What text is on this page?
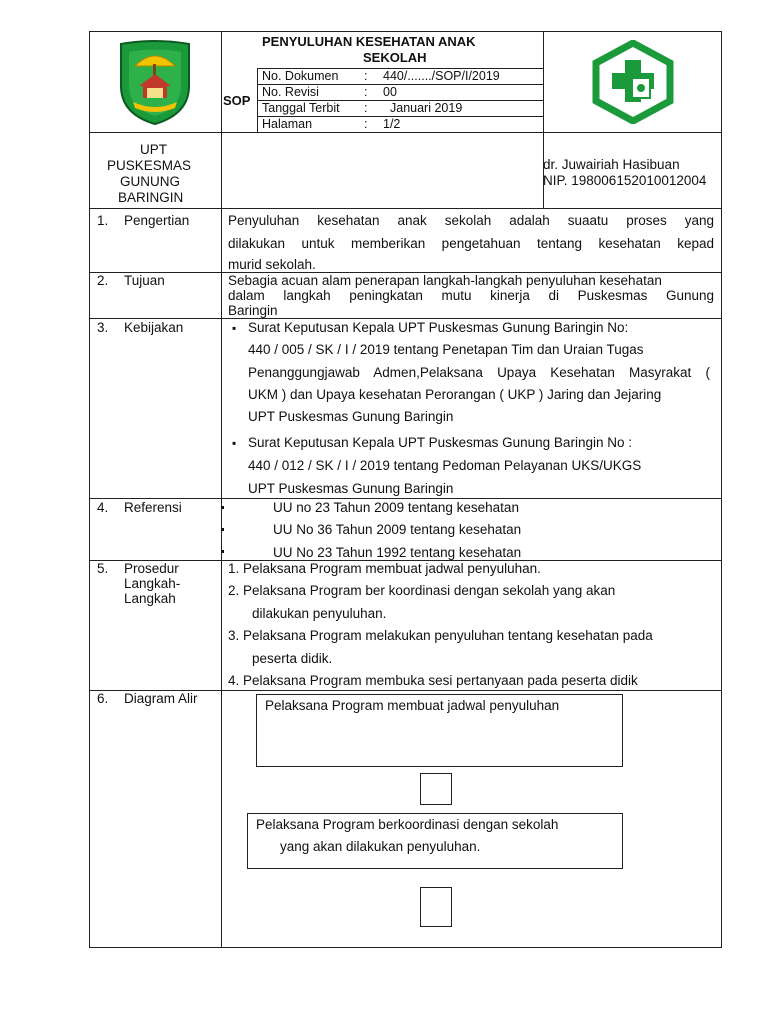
PENYULUHAN KESEHATAN ANAK
SEKOLAH
SOP
No. Dokumen : 440/......./SOP/I/2019
No. Revisi	: 00
Tanggal Terbit : Januari 2019
Halaman	: 1/2
UPT
PUSKESMAS
GUNUNG
BARINGIN
dr. Juwairiah Hasibuan
NIP. 198006152010012004
1. Pengertian	Penyuluhan kesehatan anak sekolah adalah suaatu proses yang
dilakukan untuk memberikan pengetahuan tentang kesehatan kepad
murid sekolah.
2. Tujuan	Sebagia acuan alam penerapan langkah-langkah penyuluhan kesehatan
dalam langkah peningkatan mutu kinerja di Puskesmas Gunung
Baringin
3. Kebijakan
▪	Surat Keputusan Kepala UPT Puskesmas Gunung Baringin No:
440 / 005 / SK / I / 2019 tentang Penetapan Tim dan Uraian Tugas
Penanggungjawab Admen,Pelaksana Upaya Kesehatan Masyrakat (
UKM ) dan Upaya kesehatan Perorangan ( UKP ) Jaring dan Jejaring
UPT Puskesmas Gunung Baringin
▪ Surat Keputusan Kepala UPT Puskesmas Gunung Baringin No :
440 / 012 / SK / I / 2019 tentang Pedoman Pelayanan UKS/UKGS
UPT Puskesmas Gunung Baringin
4. Referensi	UU no 23 Tahun 2009 tentang kesehatan
UU No 36 Tahun 2009 tentang kesehatan
UU No 23 Tahun 1992 tentang kesehatan
5. Prosedur
Langkah-
Langkah
1. Pelaksana Program membuat jadwal penyuluhan.
2. Pelaksana Program ber koordinasi dengan sekolah yang akan
dilakukan penyuluhan.
3. Pelaksana Program melakukan penyuluhan tentang kesehatan pada
peserta didik.
4. Pelaksana Program membuka sesi pertanyaan pada peserta didik
6. Diagram Alir	Pelaksana Program membuat jadwal penyuluhan
Pelaksana Program berkoordinasi dengan sekolah
yang akan dilakukan penyuluhan.
